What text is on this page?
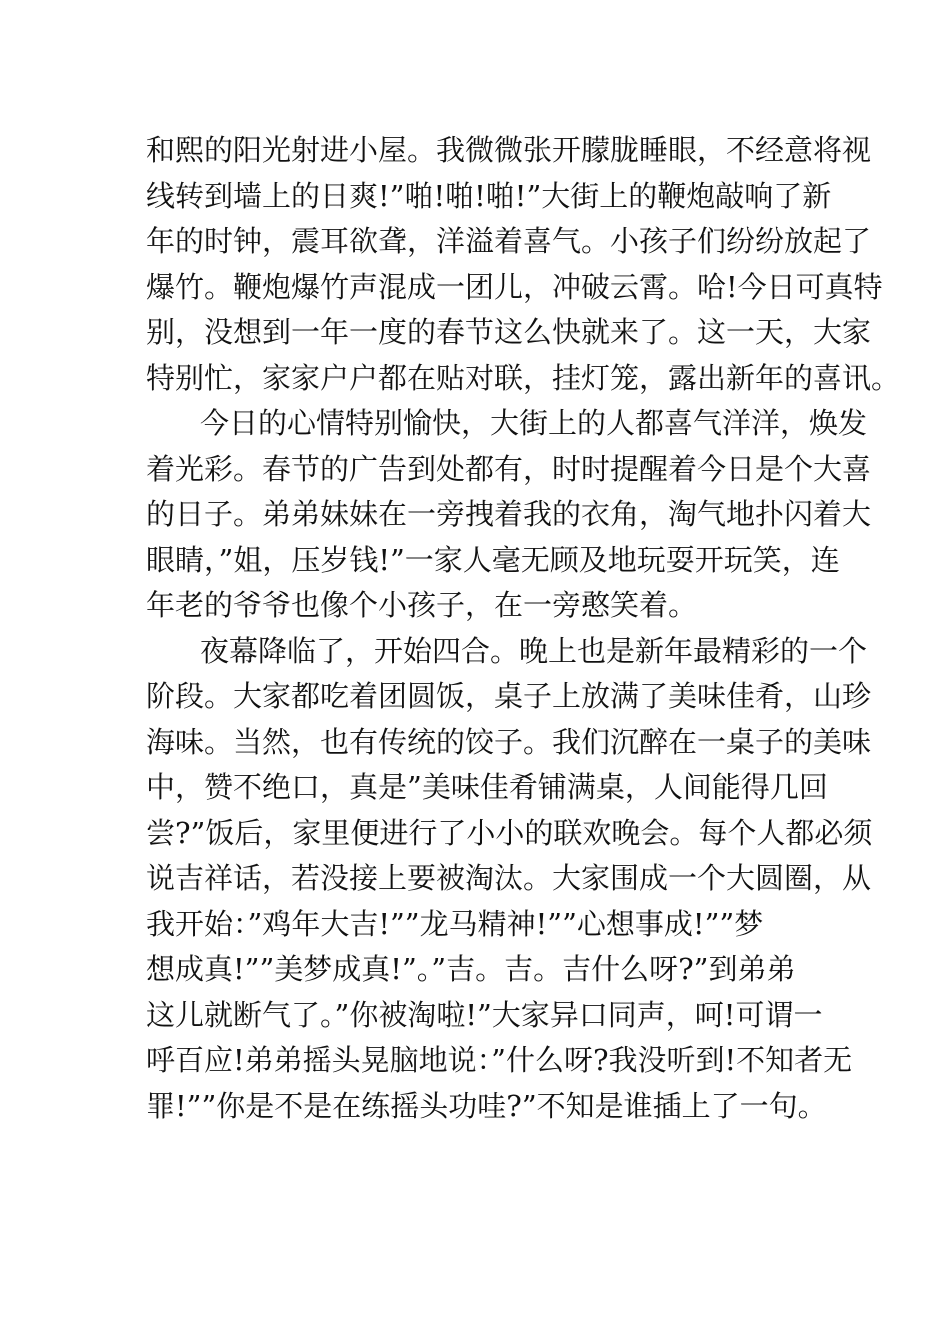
和熙的阳光射进小屋。我微微张开朦胧睡眼，不经意将视
线转到墙上的日爽!”啪!啪!啪!”大街上的鞭炮敲响了新
年的时钟，震耳欲聋，洋溢着喜气。小孩子们纷纷放起了
爆竹。鞭炮爆竹声混成一团儿，冲破云霄。哈!今日可真特
别，没想到一年一度的春节这么快就来了。这一天，大家
特别忙，家家户户都在贴对联，挂灯笼，露出新年的喜讯。
今日的心情特别愉快，大街上的人都喜气洋洋，焕发
着光彩。春节的广告到处都有，时时提醒着今日是个大喜
的日子。弟弟妹妹在一旁拽着我的衣角，淘气地扑闪着大
眼睛，”姐，压岁钱!”一家人毫无顾及地玩耍开玩笑，连
年老的爷爷也像个小孩子，在一旁憨笑着。
夜幕降临了，开始四合。晚上也是新年最精彩的一个
阶段。大家都吃着团圆饭，桌子上放满了美味佳肴，山珍
海味。当然，也有传统的饺子。我们沉醉在一桌子的美味
中，赞不绝口，真是”美味佳肴铺满桌，人间能得几回
尝?”饭后，家里便进行了小小的联欢晚会。每个人都必须
说吉祥话，若没接上要被淘汰。大家围成一个大圆圈，从
我开始：”鸡年大吉!””龙马精神!””心想事成!””梦
想成真!””美梦成真!”。”吉。吉。吉什么呀?”到弟弟
这儿就断气了。”你被淘啦!”大家异口同声，呵!可谓一
呼百应!弟弟摇头晃脑地说：”什么呀?我没听到!不知者无
罪!””你是不是在练摇头功哇?”不知是谁插上了一句。
